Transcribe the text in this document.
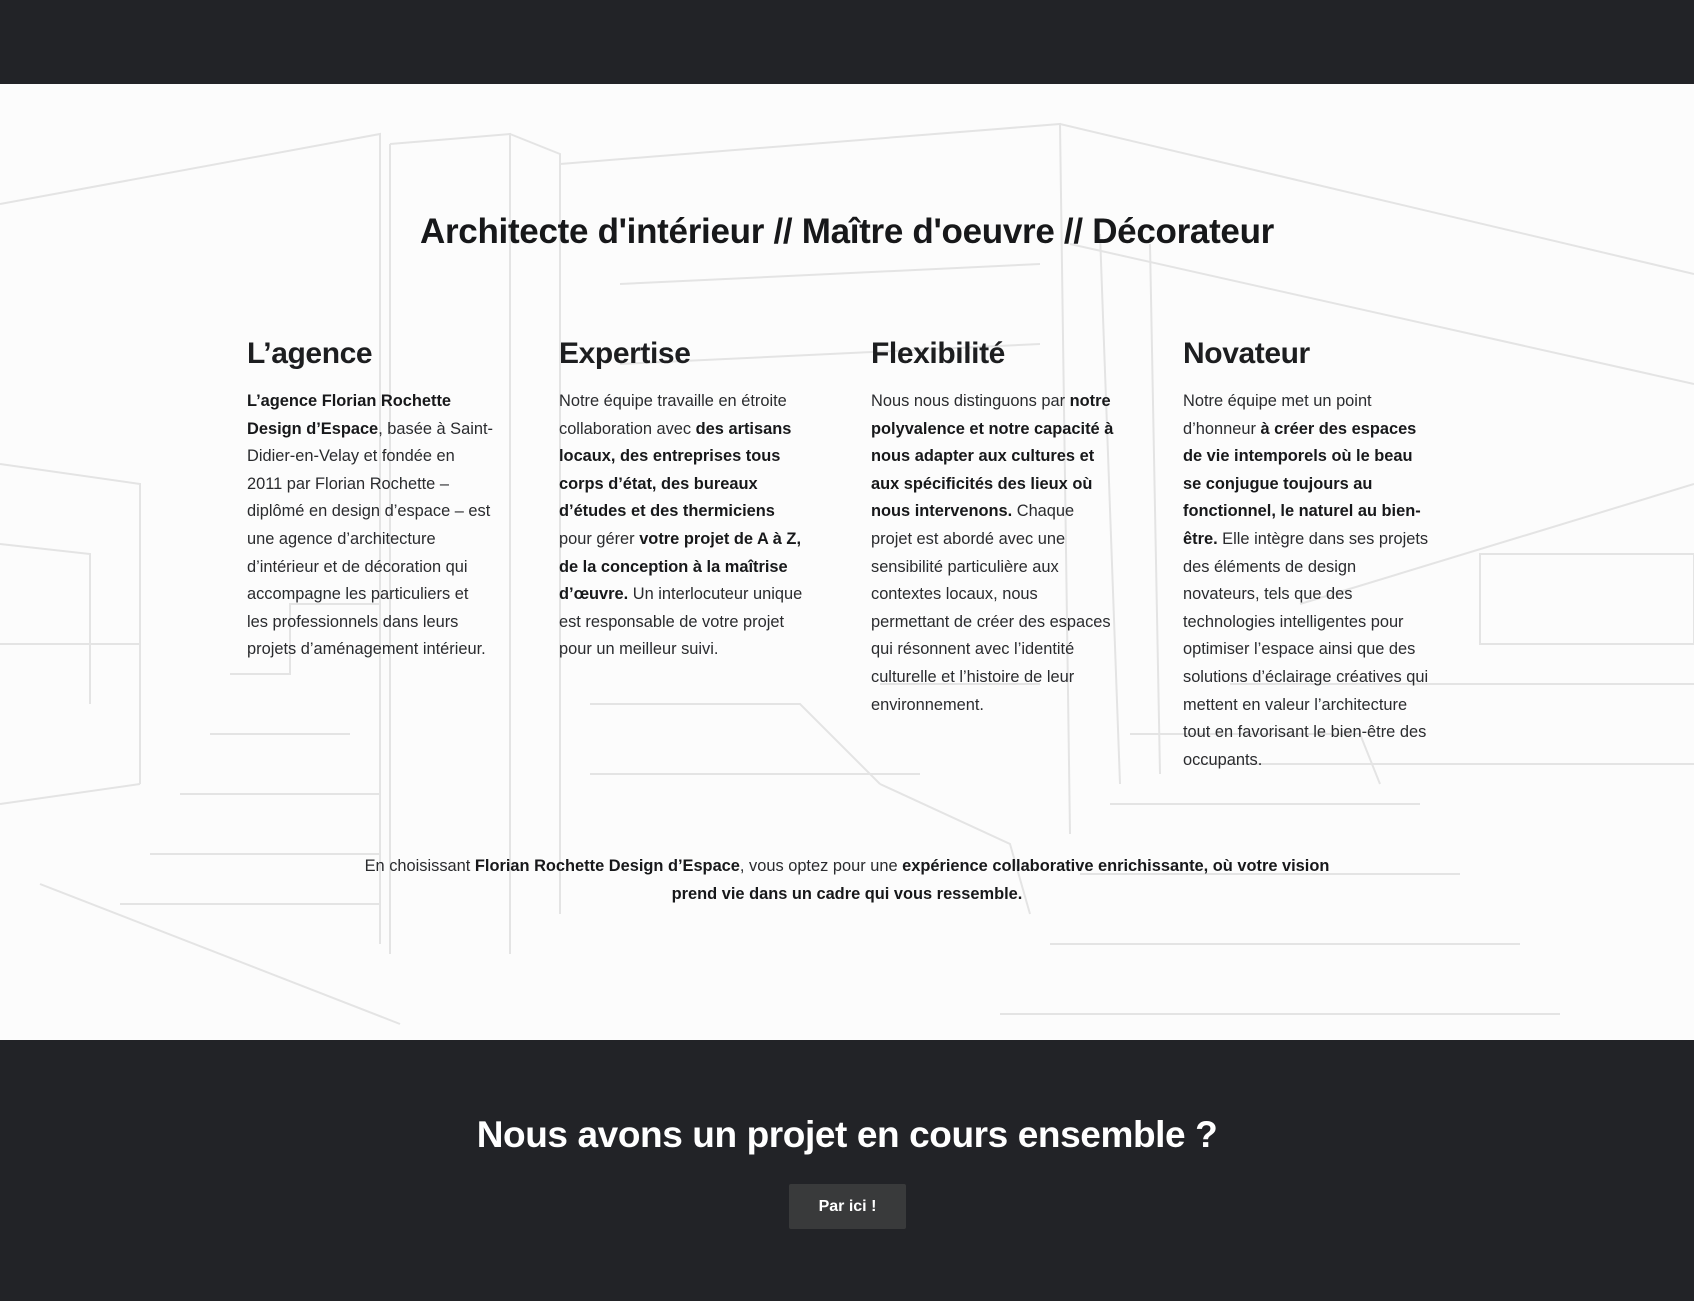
Architecte d'intérieur // Maître d'oeuvre // Décorateur
L’agence

L’agence Florian Rochette Design d’Espace, basée à Saint-Didier-en-Velay et fondée en 2011 par Florian Rochette – diplômé en design d’espace – est une agence d’architecture d’intérieur et de décoration qui accompagne les particuliers et les professionnels dans leurs projets d’aménagement intérieur.

Expertise

Notre équipe travaille en étroite collaboration avec des artisans locaux, des entreprises tous corps d’état, des bureaux d’études et des thermiciens pour gérer votre projet de A à Z, de la conception à la maîtrise d’œuvre. Un interlocuteur unique est responsable de votre projet pour un meilleur suivi.

Flexibilité

Nous nous distinguons par notre polyvalence et notre capacité à nous adapter aux cultures et aux spécificités des lieux où nous intervenons. Chaque projet est abordé avec une sensibilité particulière aux contextes locaux, nous permettant de créer des espaces qui résonnent avec l’identité culturelle et l’histoire de leur environnement.

Novateur

Notre équipe met un point d’honneur à créer des espaces de vie intemporels où le beau se conjugue toujours au fonctionnel, le naturel au bien-être. Elle intègre dans ses projets des éléments de design novateurs, tels que des technologies intelligentes pour optimiser l’espace ainsi que des solutions d’éclairage créatives qui mettent en valeur l’architecture tout en favorisant le bien-être des occupants.

En choisissant Florian Rochette Design d’Espace, vous optez pour une expérience collaborative enrichissante, où votre vision prend vie dans un cadre qui vous ressemble.

Nous avons un projet en cours ensemble ?
Par ici !
